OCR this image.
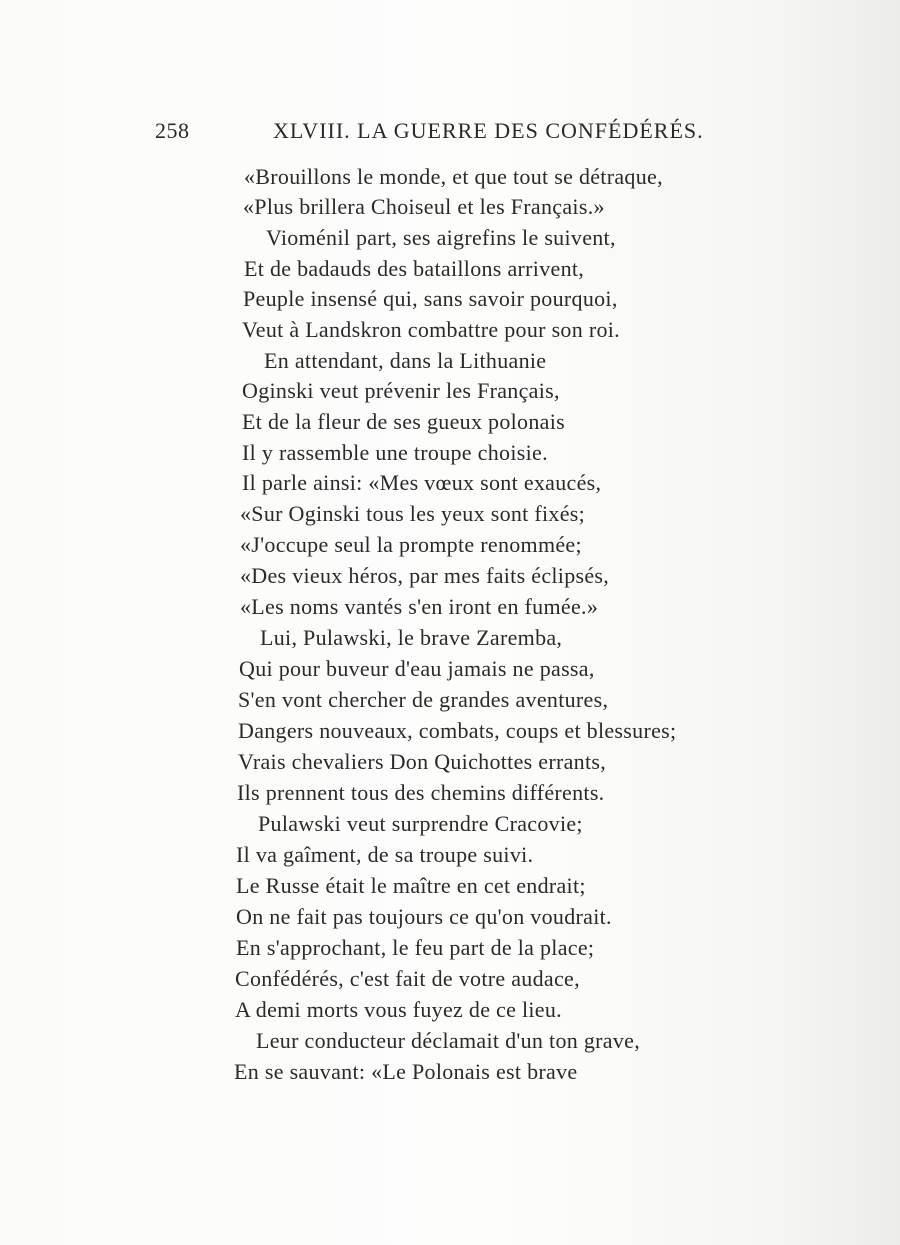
258	XLVIII. LA GUERRE DES CONFÉDÉRÉS.
«Brouillons le monde, et que tout se détraque,
«Plus brillera Choiseul et les Français.»
Vioménil part, ses aigrefins le suivent,
Et de badauds des bataillons arrivent,
Peuple insensé qui, sans savoir pourquoi,
Veut à Landskron combattre pour son roi.
En attendant, dans la Lithuanie
Oginski veut prévenir les Français,
Et de la fleur de ses gueux polonais
Il y rassemble une troupe choisie.
Il parle ainsi: «Mes vœux sont exaucés,
«Sur Oginski tous les yeux sont fixés;
«J'occupe seul la prompte renommée;
«Des vieux héros, par mes faits éclipsés,
«Les noms vantés s'en iront en fumée.»
Lui, Pulawski, le brave Zaremba,
Qui pour buveur d'eau jamais ne passa,
S'en vont chercher de grandes aventures,
Dangers nouveaux, combats, coups et blessures;
Vrais chevaliers Don Quichottes errants,
Ils prennent tous des chemins différents.
Pulawski veut surprendre Cracovie;
Il va gaîment, de sa troupe suivi.
Le Russe était le maître en cet endrait;
On ne fait pas toujours ce qu'on voudrait.
En s'approchant, le feu part de la place;
Confédérés, c'est fait de votre audace,
A demi morts vous fuyez de ce lieu.
Leur conducteur déclamait d'un ton grave,
En se sauvant: «Le Polonais est brave
